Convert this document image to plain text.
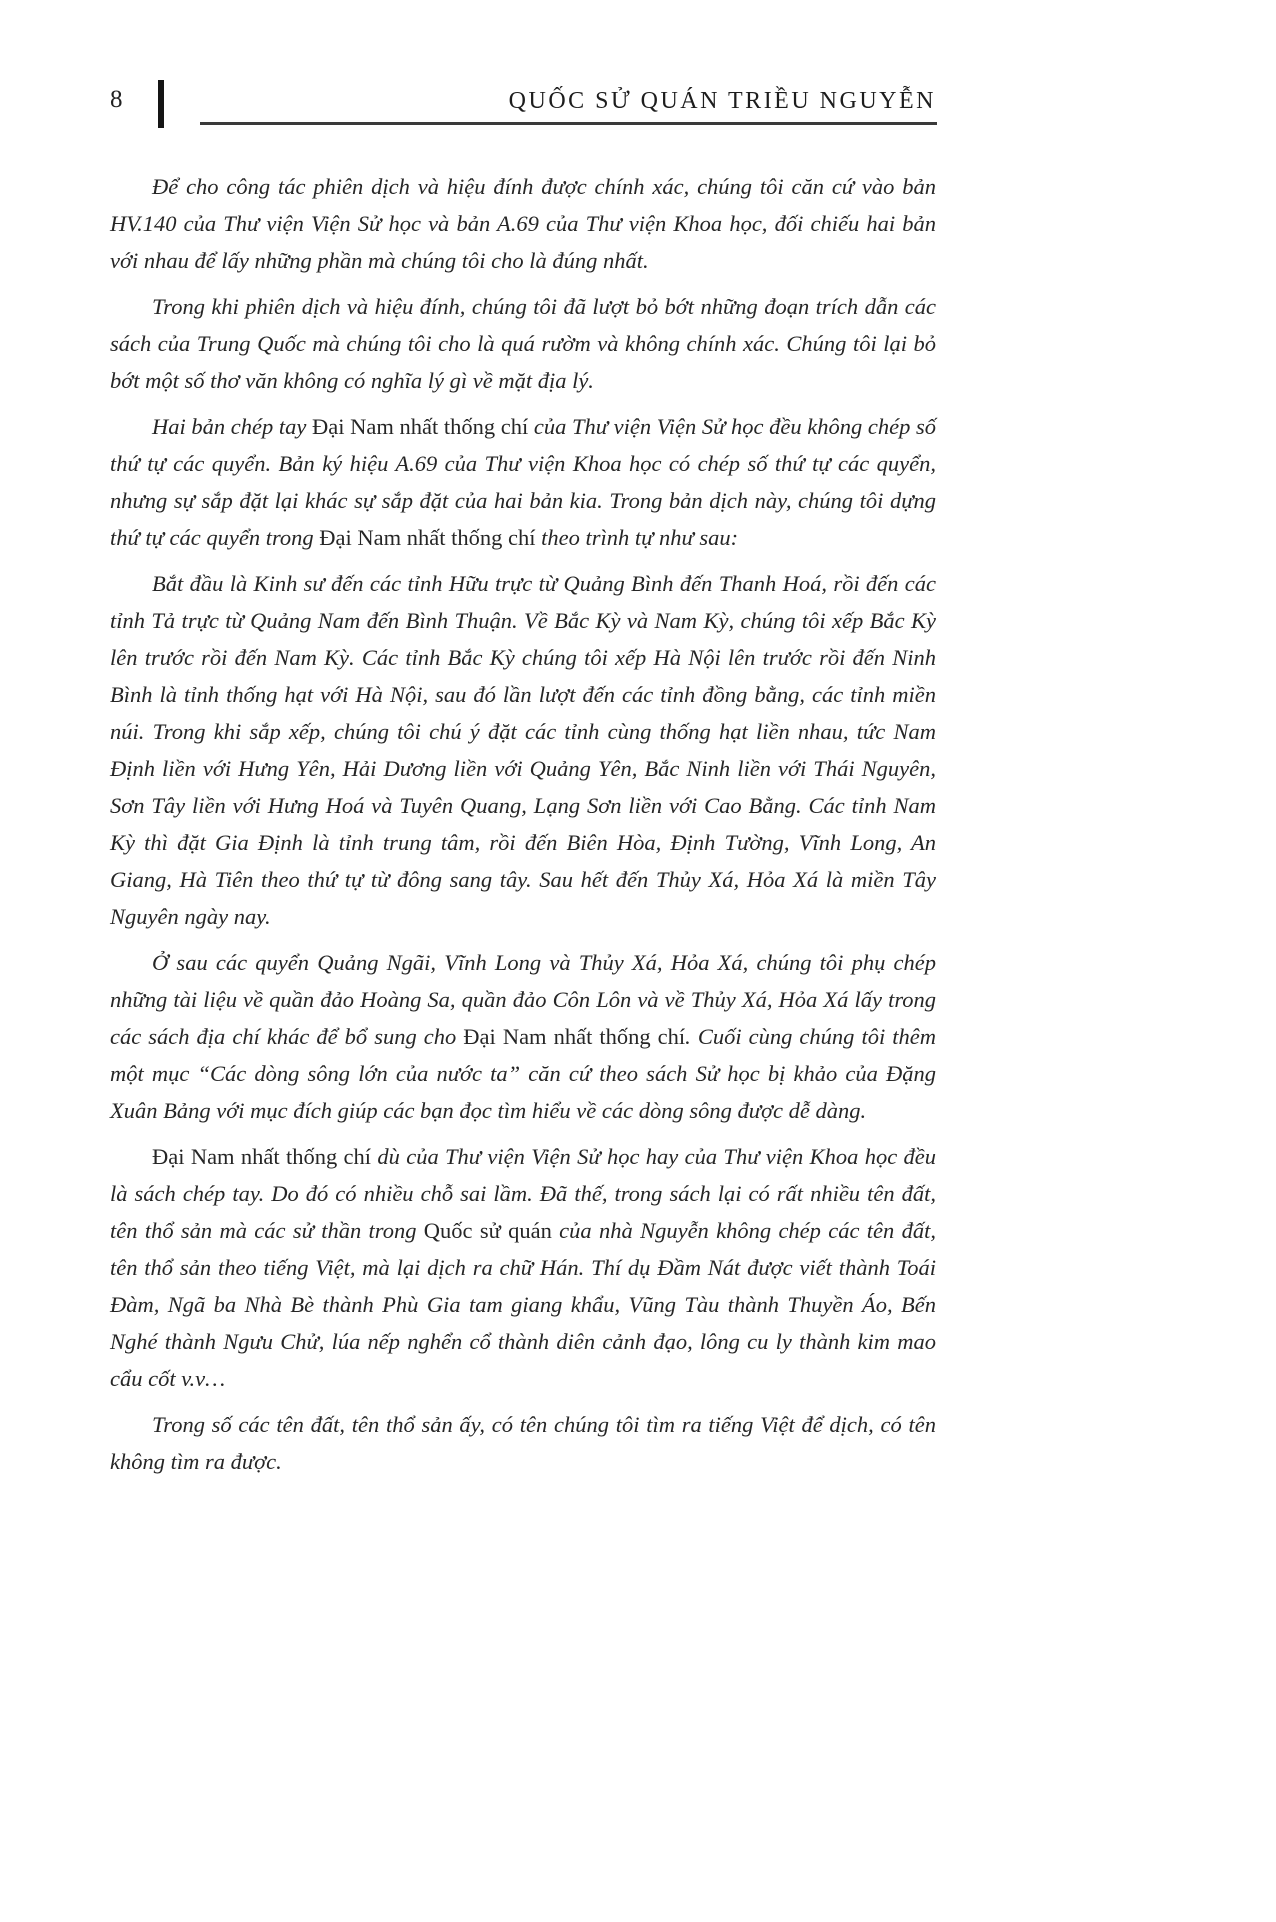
8	QUỐC SỬ QUÁN TRIỀU NGUYỄN

Để cho công tác phiên dịch và hiệu đính được chính xác, chúng tôi căn cứ vào bản HV.140 của Thư viện Viện Sử học và bản A.69 của Thư viện Khoa học, đối chiếu hai bản với nhau để lấy những phần mà chúng tôi cho là đúng nhất.

Trong khi phiên dịch và hiệu đính, chúng tôi đã lượt bỏ bớt những đoạn trích dẫn các sách của Trung Quốc mà chúng tôi cho là quá rườm và không chính xác. Chúng tôi lại bỏ bớt một số thơ văn không có nghĩa lý gì về mặt địa lý.

Hai bản chép tay Đại Nam nhất thống chí của Thư viện Viện Sử học đều không chép số thứ tự các quyển. Bản ký hiệu A.69 của Thư viện Khoa học có chép số thứ tự các quyển, nhưng sự sắp đặt lại khác sự sắp đặt của hai bản kia. Trong bản dịch này, chúng tôi dựng thứ tự các quyển trong Đại Nam nhất thống chí theo trình tự như sau:

Bắt đầu là Kinh sư đến các tỉnh Hữu trực từ Quảng Bình đến Thanh Hoá, rồi đến các tỉnh Tả trực từ Quảng Nam đến Bình Thuận. Về Bắc Kỳ và Nam Kỳ, chúng tôi xếp Bắc Kỳ lên trước rồi đến Nam Kỳ. Các tỉnh Bắc Kỳ chúng tôi xếp Hà Nội lên trước rồi đến Ninh Bình là tỉnh thống hạt với Hà Nội, sau đó lần lượt đến các tỉnh đồng bằng, các tỉnh miền núi. Trong khi sắp xếp, chúng tôi chú ý đặt các tỉnh cùng thống hạt liền nhau, tức Nam Định liền với Hưng Yên, Hải Dương liền với Quảng Yên, Bắc Ninh liền với Thái Nguyên, Sơn Tây liền với Hưng Hoá và Tuyên Quang, Lạng Sơn liền với Cao Bằng. Các tỉnh Nam Kỳ thì đặt Gia Định là tỉnh trung tâm, rồi đến Biên Hòa, Định Tường, Vĩnh Long, An Giang, Hà Tiên theo thứ tự từ đông sang tây. Sau hết đến Thủy Xá, Hỏa Xá là miền Tây Nguyên ngày nay.

Ở sau các quyển Quảng Ngãi, Vĩnh Long và Thủy Xá, Hỏa Xá, chúng tôi phụ chép những tài liệu về quần đảo Hoàng Sa, quần đảo Côn Lôn và về Thủy Xá, Hỏa Xá lấy trong các sách địa chí khác để bổ sung cho Đại Nam nhất thống chí. Cuối cùng chúng tôi thêm một mục “Các dòng sông lớn của nước ta” căn cứ theo sách Sử học bị khảo của Đặng Xuân Bảng với mục đích giúp các bạn đọc tìm hiểu về các dòng sông được dễ dàng.

Đại Nam nhất thống chí dù của Thư viện Viện Sử học hay của Thư viện Khoa học đều là sách chép tay. Do đó có nhiều chỗ sai lầm. Đã thế, trong sách lại có rất nhiều tên đất, tên thổ sản mà các sử thần trong Quốc sử quán của nhà Nguyễn không chép các tên đất, tên thổ sản theo tiếng Việt, mà lại dịch ra chữ Hán. Thí dụ Đầm Nát được viết thành Toái Đàm, Ngã ba Nhà Bè thành Phù Gia tam giang khẩu, Vũng Tàu thành Thuyền Áo, Bến Nghé thành Ngưu Chử, lúa nếp nghển cổ thành diên cảnh đạo, lông cu ly thành kim mao cẩu cốt v.v…

Trong số các tên đất, tên thổ sản ấy, có tên chúng tôi tìm ra tiếng Việt để dịch, có tên không tìm ra được.
